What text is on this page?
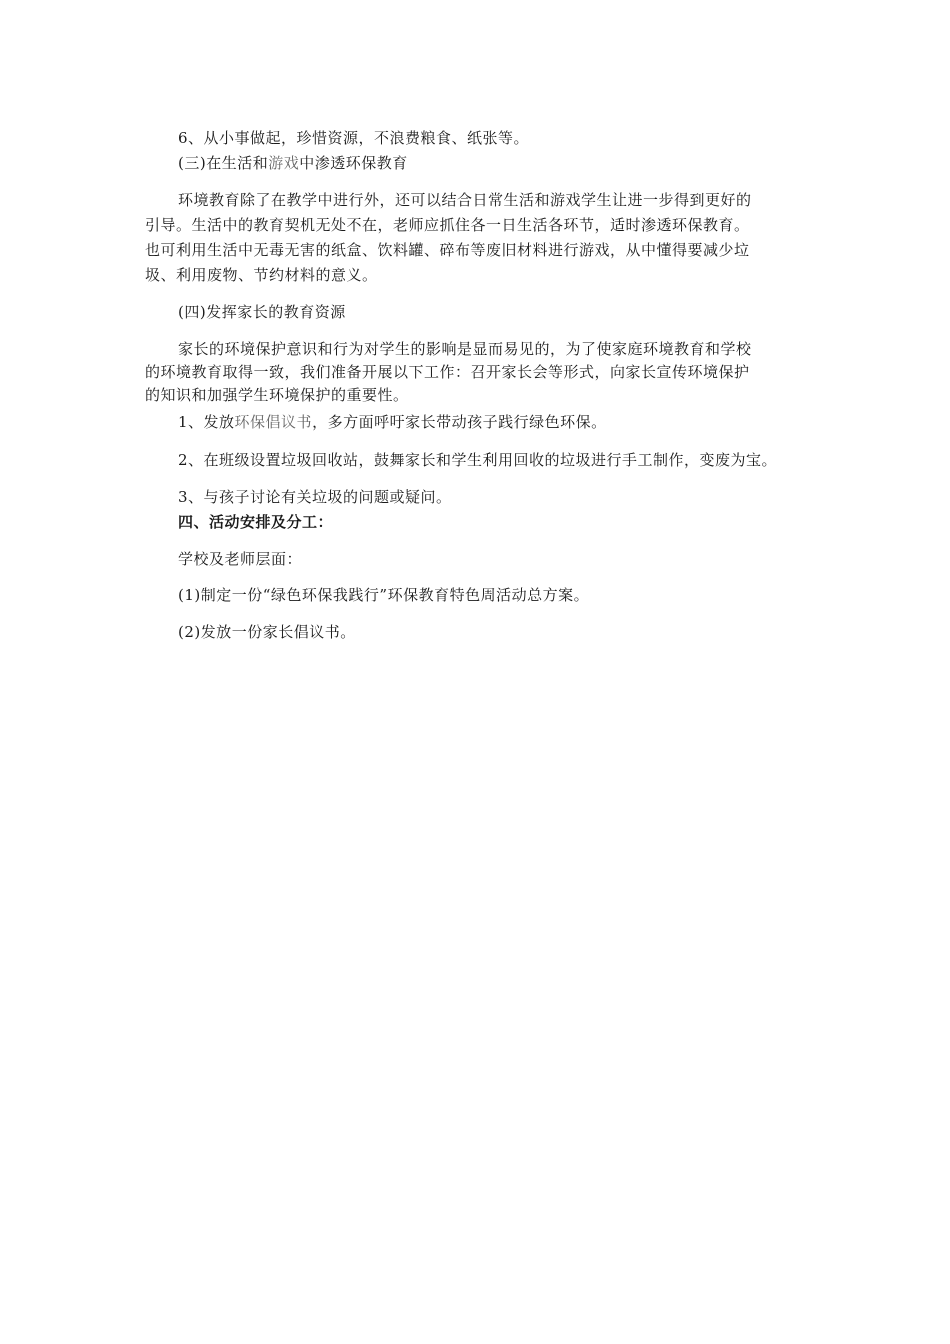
6、从小事做起，珍惜资源，不浪费粮食、纸张等。
(三)在生活和游戏中渗透环保教育
环境教育除了在教学中进行外，还可以结合日常生活和游戏学生让进一步得到更好的
引导。生活中的教育契机无处不在，老师应抓住各一日生活各环节，适时渗透环保教育。
也可利用生活中无毒无害的纸盒、饮料罐、碎布等废旧材料进行游戏，从中懂得要减少垃
圾、利用废物、节约材料的意义。
(四)发挥家长的教育资源
家长的环境保护意识和行为对学生的影响是显而易见的，为了使家庭环境教育和学校
的环境教育取得一致，我们准备开展以下工作：召开家长会等形式，向家长宣传环境保护
的知识和加强学生环境保护的重要性。
1、发放环保倡议书，多方面呼吁家长带动孩子践行绿色环保。
2、在班级设置垃圾回收站，鼓舞家长和学生利用回收的垃圾进行手工制作，变废为宝。
3、与孩子讨论有关垃圾的问题或疑问。
四、活动安排及分工：
学校及老师层面：
(1)制定一份“绿色环保我践行”环保教育特色周活动总方案。
(2)发放一份家长倡议书。
